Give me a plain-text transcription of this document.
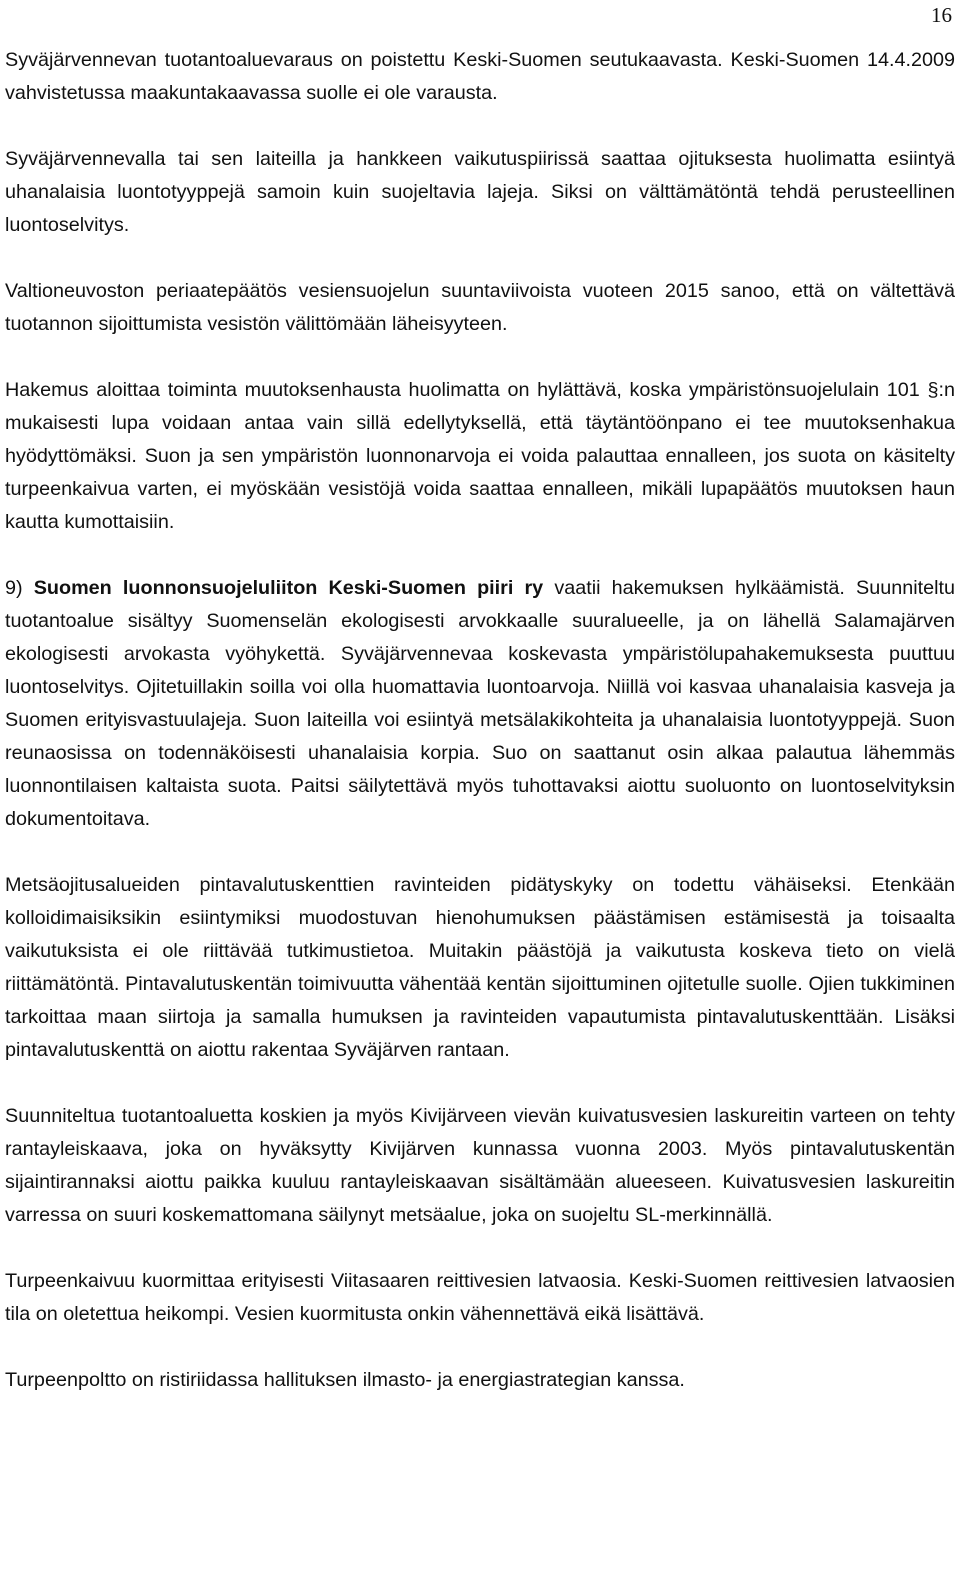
16

Syväjärvennevan tuotantoaluevaraus on poistettu Keski-Suomen seutukaavasta. Keski-Suomen 14.4.2009 vahvistetussa maakuntakaavassa suolle ei ole varausta.

Syväjärvennevalla tai sen laiteilla ja hankkeen vaikutuspiirissä saattaa ojituksesta huolimatta esiintyä uhanalaisia luontotyyppejä samoin kuin suojeltavia lajeja. Siksi on välttämätöntä tehdä perusteellinen luontoselvitys.

Valtioneuvoston periaatepäätös vesiensuojelun suuntaviivoista vuoteen 2015 sanoo, että on vältettävä tuotannon sijoittumista vesistön välittömään läheisyyteen.

Hakemus aloittaa toiminta muutoksenhausta huolimatta on hylättävä, koska ympäristönsuojelulain 101 §:n mukaisesti lupa voidaan antaa vain sillä edellytyksellä, että täytäntöönpano ei tee muutoksenhakua hyödyttömäksi. Suon ja sen ympäristön luonnonarvoja ei voida palauttaa ennalleen, jos suota on käsitelty turpeenkaivua varten, ei myöskään vesistöjä voida saattaa ennalleen, mikäli lupapäätös muutoksen haun kautta kumottaisiin.

9) Suomen luonnonsuojeluliiton Keski-Suomen piiri ry vaatii hakemuksen hylkäämistä. Suunniteltu tuotantoalue sisältyy Suomenselän ekologisesti arvokkaalle suuralueelle, ja on lähellä Salamajärven ekologisesti arvokasta vyöhykettä. Syväjärvennevaa koskevasta ympäristölupahakemuksesta puuttuu luontoselvitys. Ojitetuillakin soilla voi olla huomattavia luontoarvoja. Niillä voi kasvaa uhanalaisia kasveja ja Suomen erityisvastuulajeja. Suon laiteilla voi esiintyä metsälakikohteita ja uhanalaisia luontotyyppejä. Suon reunaosissa on todennäköisesti uhanalaisia korpia. Suo on saattanut osin alkaa palautua lähemmäs luonnontilaisen kaltaista suota. Paitsi säilytettävä myös tuhottavaksi aiottu suoluonto on luontoselvityksin dokumentoitava.

Metsäojitusalueiden pintavalutuskenttien ravinteiden pidätyskyky on todettu vähäiseksi. Etenkään kolloidimaisiksikin esiintymiksi muodostuvan hienohumuksen päästämisen estämisestä ja toisaalta vaikutuksista ei ole riittävää tutkimustietoa. Muitakin päästöjä ja vaikutusta koskeva tieto on vielä riittämätöntä. Pintavalutuskentän toimivuutta vähentää kentän sijoittuminen ojitetulle suolle. Ojien tukkiminen tarkoittaa maan siirtoja ja samalla humuksen ja ravinteiden vapautumista pintavalutuskenttään. Lisäksi pintavalutuskenttä on aiottu rakentaa Syväjärven rantaan.

Suunniteltua tuotantoaluetta koskien ja myös Kivijärveen vievän kuivatusvesien laskureitin varteen on tehty rantayleiskaava, joka on hyväksytty Kivijärven kunnassa vuonna 2003. Myös pintavalutuskentän sijaintirannaksi aiottu paikka kuuluu rantayleiskaavan sisältämään alueeseen. Kuivatusvesien laskureitin varressa on suuri koskemattomana säilynyt metsäalue, joka on suojeltu SL-merkinnällä.

Turpeenkaivuu kuormittaa erityisesti Viitasaaren reittivesien latvaosia. Keski-Suomen reittivesien latvaosien tila on oletettua heikompi. Vesien kuormitusta onkin vähennettävä eikä lisättävä.

Turpeenpoltto on ristiriidassa hallituksen ilmasto- ja energiastrategian kanssa.
